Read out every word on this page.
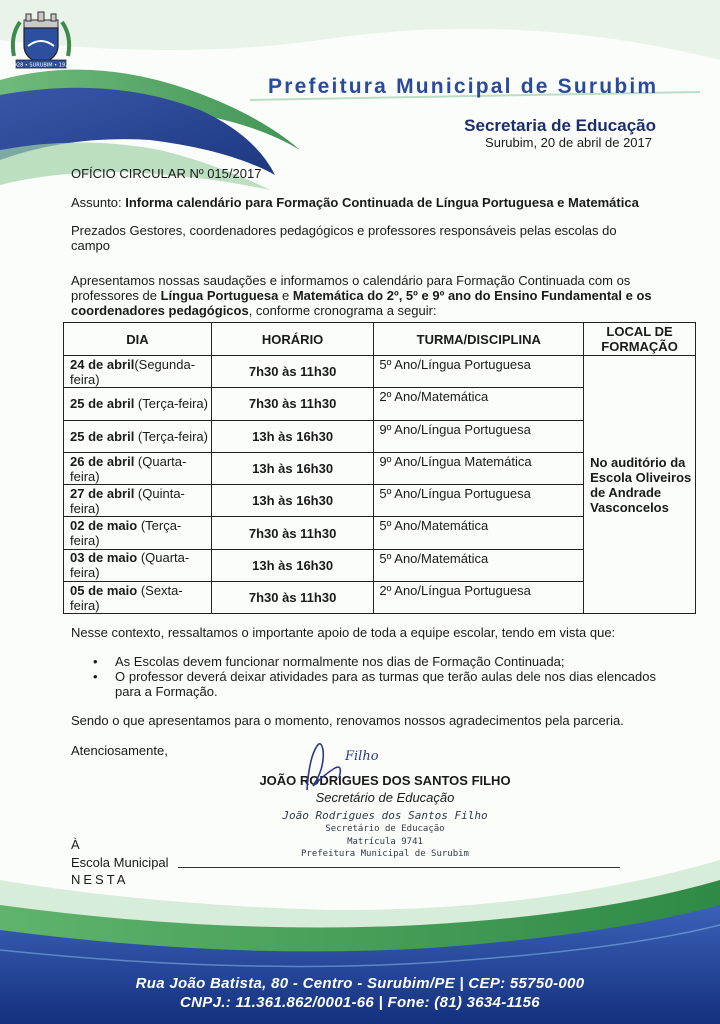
1928 • SURUBIM • 1928
Prefeitura Municipal de Surubim
Secretaria de Educação
Surubim, 20 de abril de 2017
OFÍCIO CIRCULAR Nº 015/2017
Assunto: Informa calendário para Formação Continuada de Língua Portuguesa e Matemática
Prezados Gestores, coordenadores pedagógicos e professores responsáveis pelas escolas do campo
Apresentamos nossas saudações e informamos o calendário para Formação Continuada com os professores de Língua Portuguesa e Matemática do 2º, 5º e 9º ano do Ensino Fundamental e os coordenadores pedagógicos, conforme cronograma a seguir:
DIA	HORÁRIO	TURMA/DISCIPLINA	LOCAL DE FORMAÇÃO
24 de abril(Segunda-feira)	7h30 às 11h30	5º Ano/Língua Portuguesa	No auditório da Escola Oliveiros de Andrade Vasconcelos
25 de abril (Terça-feira)	7h30 às 11h30	2º Ano/Matemática	
25 de abril (Terça-feira)	13h às 16h30	9º Ano/Língua Portuguesa	
26 de abril (Quarta-feira)	13h às 16h30	9º Ano/Língua Matemática	
27 de abril (Quinta-feira)	13h às 16h30	5º Ano/Língua Portuguesa	
02 de maio (Terça-feira)	7h30 às 11h30	5º Ano/Matemática	
03 de maio (Quarta-feira)	13h às 16h30	5º Ano/Matemática	
05 de maio (Sexta-feira)	7h30 às 11h30	2º Ano/Língua Portuguesa	
Nesse contexto, ressaltamos o importante apoio de toda a equipe escolar, tendo em vista que:
• As Escolas devem funcionar normalmente nos dias de Formação Continuada;
• O professor deverá deixar atividades para as turmas que terão aulas dele nos dias elencados para a Formação.
Sendo o que apresentamos para o momento, renovamos nossos agradecimentos pela parceria.
Atenciosamente,	Filho
JOÃO RODRIGUES DOS SANTOS FILHO
Secretário de Educação
João Rodrigues dos Santos Filho
Secretário de Educação
Matrícula 9741
Prefeitura Municipal de Surubim
À
Escola Municipal
NESTA
Rua João Batista, 80 - Centro - Surubim/PE | CEP: 55750-000
CNPJ.: 11.361.862/0001-66 | Fone: (81) 3634-1156
